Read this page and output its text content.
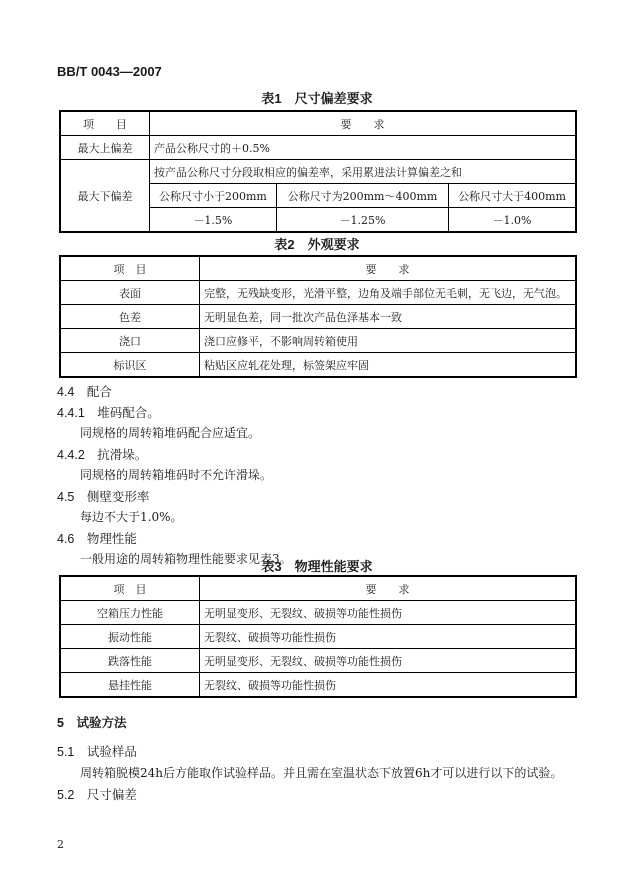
BB/T 0043—2007
表1　尺寸偏差要求
项　　目	要　　求		
最大上偏差	产品公称尺寸的＋0.5%		
最大下偏差	按产品公称尺寸分段取相应的偏差率，采用累进法计算偏差之和		
	公称尺寸小于200mm	公称尺寸为200mm～400mm	公称尺寸大于400mm
	－1.5%	－1.25%	－1.0%
表2　外观要求
项　目	要　　求
表面	完整，无残缺变形，光滑平整，边角及端手部位无毛刺，无飞边，无气泡。
色差	无明显色差，同一批次产品色泽基本一致
浇口	浇口应修平，不影响周转箱使用
标识区	粘贴区应轧花处理，标签架应牢固
4.4　配合
4.4.1　堆码配合。
同规格的周转箱堆码配合应适宜。
4.4.2　抗滑垛。
同规格的周转箱堆码时不允许滑垛。
4.5　侧壁变形率
每边不大于1.0%。
4.6　物理性能
一般用途的周转箱物理性能要求见表3。
表3　物理性能要求
项　目	要　　求
空箱压力性能	无明显变形、无裂纹、破损等功能性损伤
振动性能	无裂纹、破损等功能性损伤
跌落性能	无明显变形、无裂纹、破损等功能性损伤
悬挂性能	无裂纹、破损等功能性损伤
5　试验方法
5.1　试验样品
周转箱脱模24h后方能取作试验样品。并且需在室温状态下放置6h才可以进行以下的试验。
5.2　尺寸偏差
2
